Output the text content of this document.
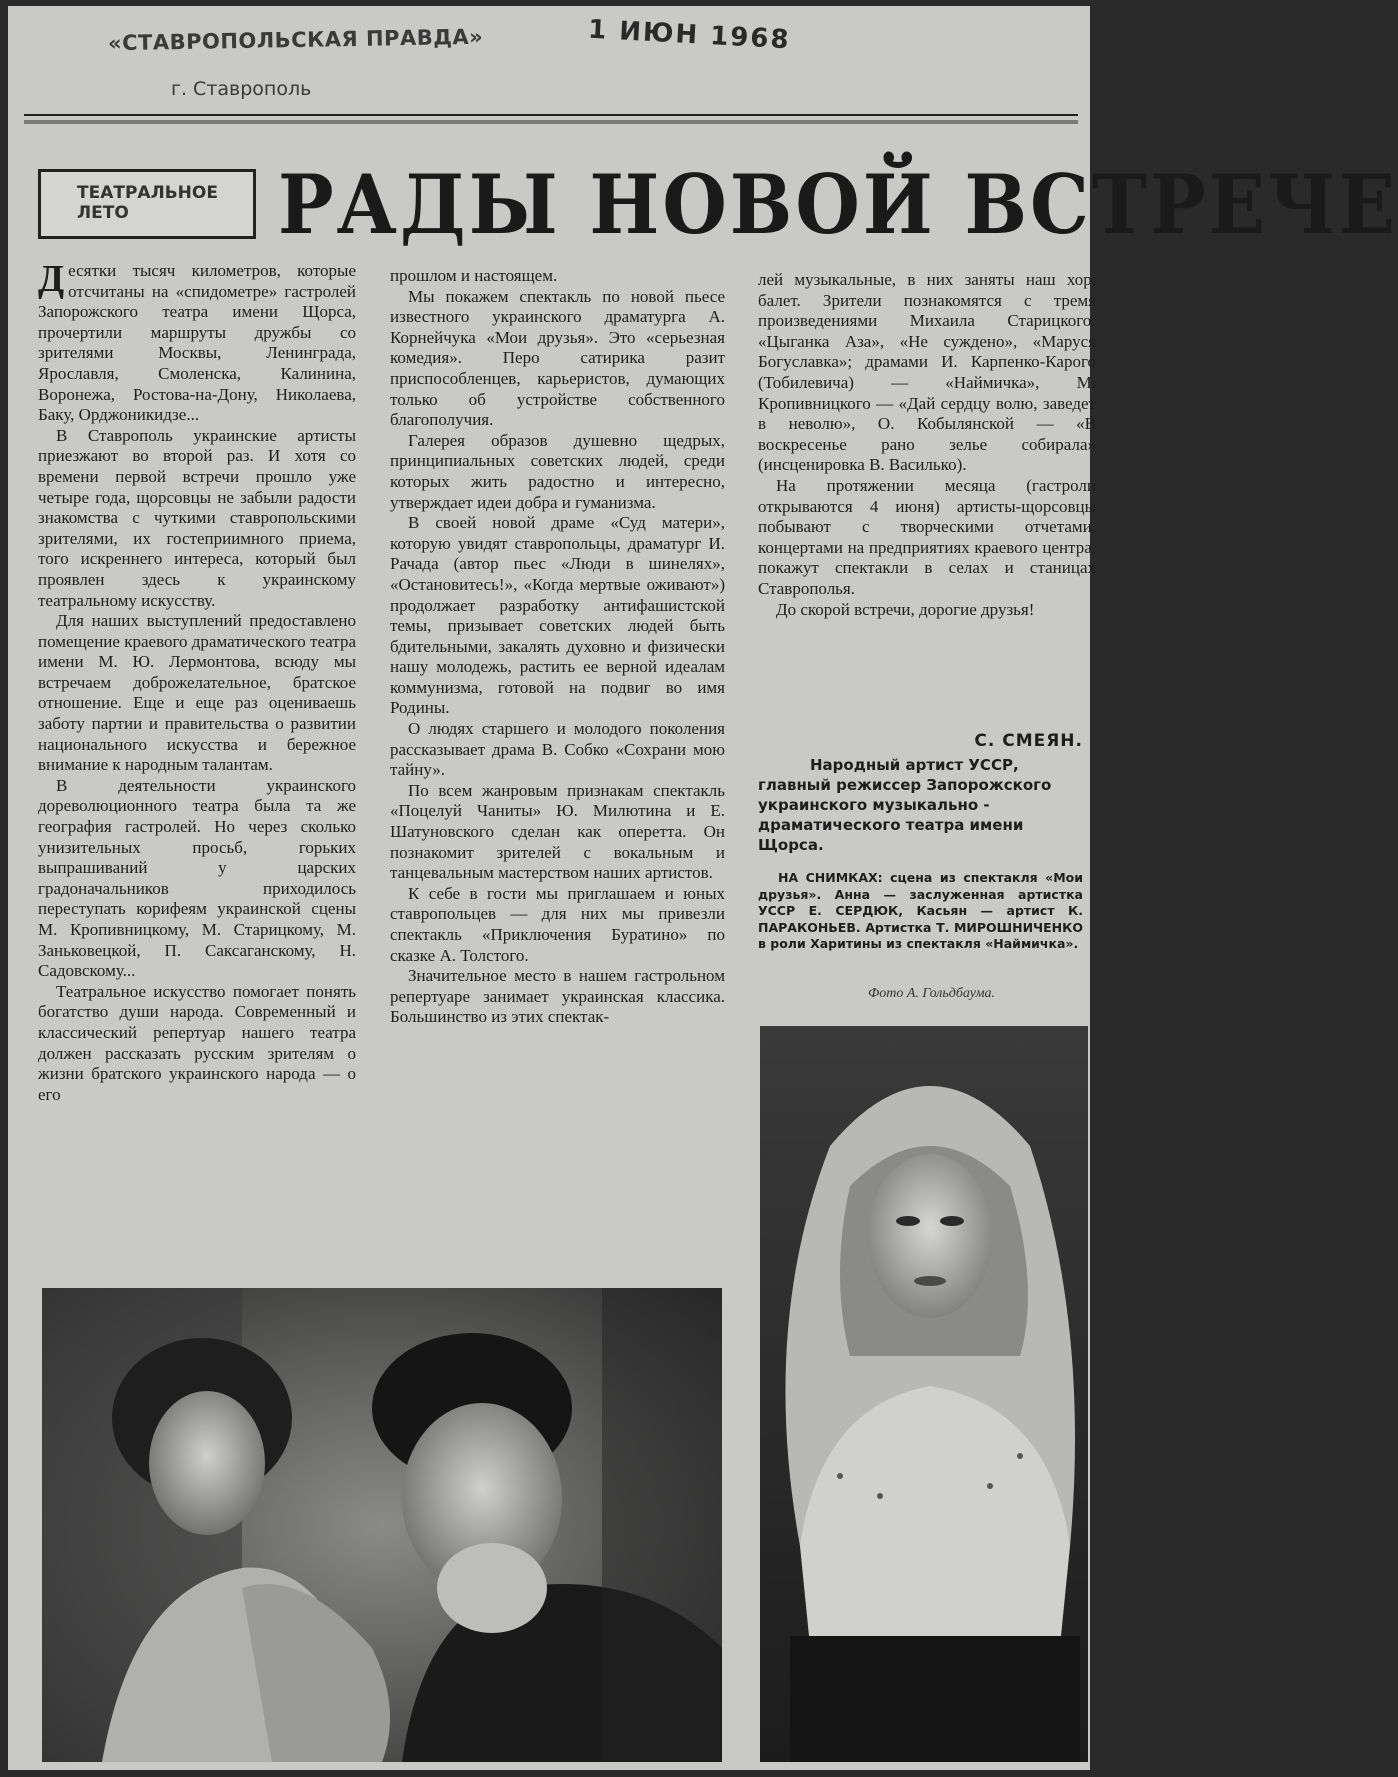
«СТАВРОПОЛЬСКАЯ ПРАВДА»
г. Ставрополь
1 ИЮН 1968
ТЕАТРАЛЬНОЕ
ЛЕТО РАДЫ НОВОЙ ВСТРЕЧЕ

Десятки тысяч километров, которые отсчитаны на «спидометре» гастролей Запорожского театра имени Щорса, прочертили маршруты дружбы со зрителями Москвы, Ленинграда, Ярославля, Смоленска, Калинина, Воронежа, Ростова-на-Дону, Николаева, Баку, Орджоникидзе...

В Ставрополь украинские артисты приезжают во второй раз. И хотя со времени первой встречи прошло уже четыре года, щорсовцы не забыли радости знакомства с чуткими ставропольскими зрителями, их гостеприимного приема, того искреннего интереса, который был проявлен здесь к украинскому театральному искусству.

Для наших выступлений предоставлено помещение краевого драматического театра имени М. Ю. Лермонтова, всюду мы встречаем доброжелательное, братское отношение. Еще и еще раз оцениваешь заботу партии и правительства о развитии национального искусства и бережное внимание к народным талантам.

В деятельности украинского дореволюционного театра была та же география гастролей. Но через сколько унизительных просьб, горьких выпрашиваний у царских градоначальников приходилось переступать корифеям украинской сцены М. Кропивницкому, М. Старицкому, М. Заньковецкой, П. Саксаганскому, Н. Садовскому...

Театральное искусство помогает понять богатство души народа. Современный и классический репертуар нашего театра должен рассказать русским зрителям о жизни братского украинского народа — о его

прошлом и настоящем.

Мы покажем спектакль по новой пьесе известного украинского драматурга А. Корнейчука «Мои друзья». Это «серьезная комедия». Перо сатирика разит приспособленцев, карьеристов, думающих только об устройстве собственного благополучия.

Галерея образов душевно щедрых, принципиальных советских людей, среди которых жить радостно и интересно, утверждает идеи добра и гуманизма.

В своей новой драме «Суд матери», которую увидят ставропольцы, драматург И. Рачада (автор пьес «Люди в шинелях», «Остановитесь!», «Когда мертвые оживают») продолжает разработку антифашистской темы, призывает советских людей быть бдительными, закалять духовно и физически нашу молодежь, растить ее верной идеалам коммунизма, готовой на подвиг во имя Родины.

О людях старшего и молодого поколения рассказывает драма В. Собко «Сохрани мою тайну».

По всем жанровым признакам спектакль «Поцелуй Чаниты» Ю. Милютина и Е. Шатуновского сделан как оперетта. Он познакомит зрителей с вокальным и танцевальным мастерством наших артистов.

К себе в гости мы приглашаем и юных ставропольцев — для них мы привезли спектакль «Приключения Буратино» по сказке А. Толстого.

Значительное место в нашем гастрольном репертуаре занимает украинская классика. Большинство из этих спектак-

лей музыкальные, в них заняты наш хор, балет. Зрители познакомятся с тремя произведениями Михаила Старицкого: «Цыганка Аза», «Не суждено», «Маруся Богуславка»; драмами И. Карпенко-Карого (Тобилевича) — «Наймичка», М. Кропивницкого — «Дай сердцу волю, заведет в неволю», О. Кобылянской — «В воскресенье рано зелье собирала» (инсценировка В. Василько).

На протяжении месяца (гастроли открываются 4 июня) артисты-щорсовцы побывают с творческими отчетами, концертами на предприятиях краевого центра, покажут спектакли в селах и станицах Ставрополья.

До скорой встречи, дорогие друзья!

С. СМЕЯН.
Народный артист УССР, главный режиссер Запорожского украинского музыкально - драматического театра имени Щорса.
НА СНИМКАХ: сцена из спектакля «Мои друзья». Анна — заслуженная артистка УССР Е. СЕРДЮК, Касьян — артист К. ПАРАКОНЬЕВ. Артистка Т. МИРОШНИЧЕНКО в роли Харитины из спектакля «Наймичка».
Фото А. Гольдбаума.
